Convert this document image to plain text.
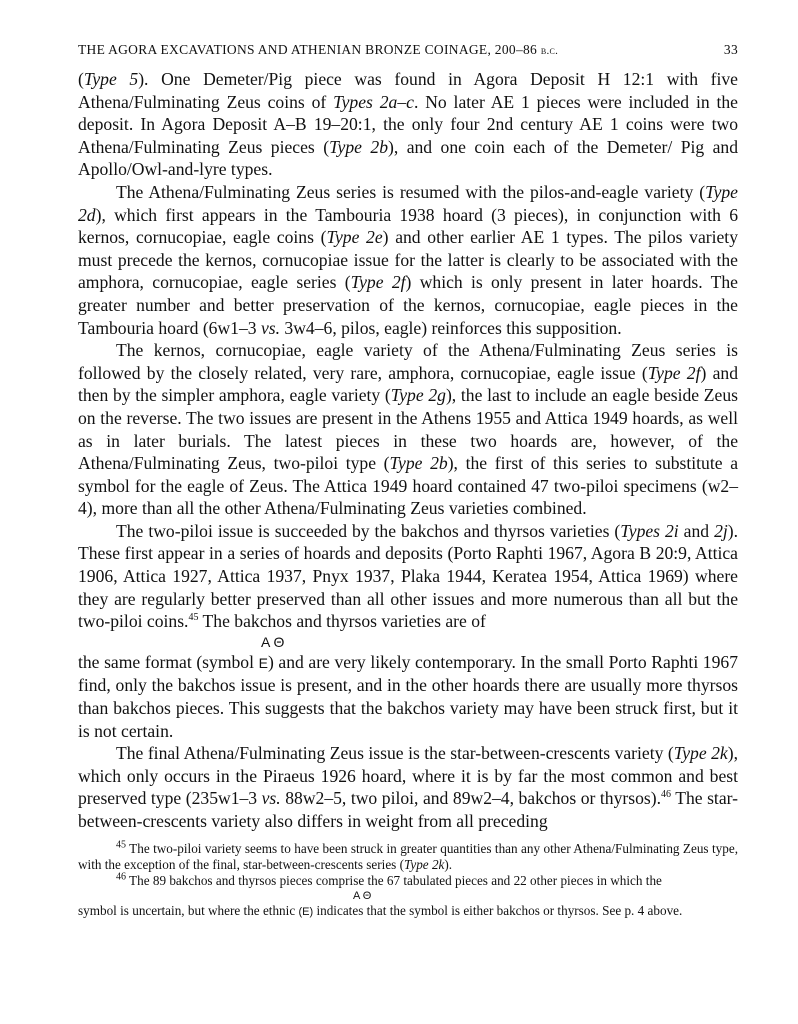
THE AGORA EXCAVATIONS AND ATHENIAN BRONZE COINAGE, 200–86 b.c.	33

(Type 5). One Demeter/Pig piece was found in Agora Deposit H 12:1 with five Athena/Fulminating Zeus coins of Types 2a–c. No later AE 1 pieces were included in the deposit. In Agora Deposit A–B 19–20:1, the only four 2nd century AE 1 coins were two Athena/Fulminating Zeus pieces (Type 2b), and one coin each of the Demeter/ Pig and Apollo/Owl-and-lyre types.

The Athena/Fulminating Zeus series is resumed with the pilos-and-eagle variety (Type 2d), which first appears in the Tambouria 1938 hoard (3 pieces), in conjunction with 6 kernos, cornucopiae, eagle coins (Type 2e) and other earlier AE 1 types. The pilos variety must precede the kernos, cornucopiae issue for the latter is clearly to be associated with the amphora, cornucopiae, eagle series (Type 2f) which is only present in later hoards. The greater number and better preservation of the kernos, cornucopiae, eagle pieces in the Tambouria hoard (6w1–3 vs. 3w4–6, pilos, eagle) reinforces this supposition.

The kernos, cornucopiae, eagle variety of the Athena/Fulminating Zeus series is followed by the closely related, very rare, amphora, cornucopiae, eagle issue (Type 2f) and then by the simpler amphora, eagle variety (Type 2g), the last to include an eagle beside Zeus on the reverse. The two issues are present in the Athens 1955 and Attica 1949 hoards, as well as in later burials. The latest pieces in these two hoards are, however, of the Athena/Fulminating Zeus, two-piloi type (Type 2b), the first of this series to substitute a symbol for the eagle of Zeus. The Attica 1949 hoard contained 47 two-piloi specimens (w2–4), more than all the other Athena/Fulminating Zeus varieties combined.

The two-piloi issue is succeeded by the bakchos and thyrsos varieties (Types 2i and 2j). These first appear in a series of hoards and deposits (Porto Raphti 1967, Agora B 20:9, Attica 1906, Attica 1927, Attica 1937, Pnyx 1937, Plaka 1944, Keratea 1954, Attica 1969) where they are regularly better preserved than all other issues and more numerous than all but the two-piloi coins.$^{45}$ The bakchos and thyrsos varieties are of

A Θ

the same format (symbol E) and are very likely contemporary. In the small Porto Raphti 1967 find, only the bakchos issue is present, and in the other hoards there are usually more thyrsos than bakchos pieces. This suggests that the bakchos variety may have been struck first, but it is not certain.

The final Athena/Fulminating Zeus issue is the star-between-crescents variety (Type 2k), which only occurs in the Piraeus 1926 hoard, where it is by far the most common and best preserved type (235w1–3 vs. 88w2–5, two piloi, and 89w2–4, bakchos or thyrsos).$^{46}$ The star-between-crescents variety also differs in weight from all preceding

$^{45}$ The two-piloi variety seems to have been struck in greater quantities than any other Athena/Fulminating Zeus type, with the exception of the final, star-between-crescents series (Type 2k).

$^{46}$ The 89 bakchos and thyrsos pieces comprise the 67 tabulated pieces and 22 other pieces in which the

A Θ

symbol is uncertain, but where the ethnic (E) indicates that the symbol is either bakchos or thyrsos. See p. 4 above.
